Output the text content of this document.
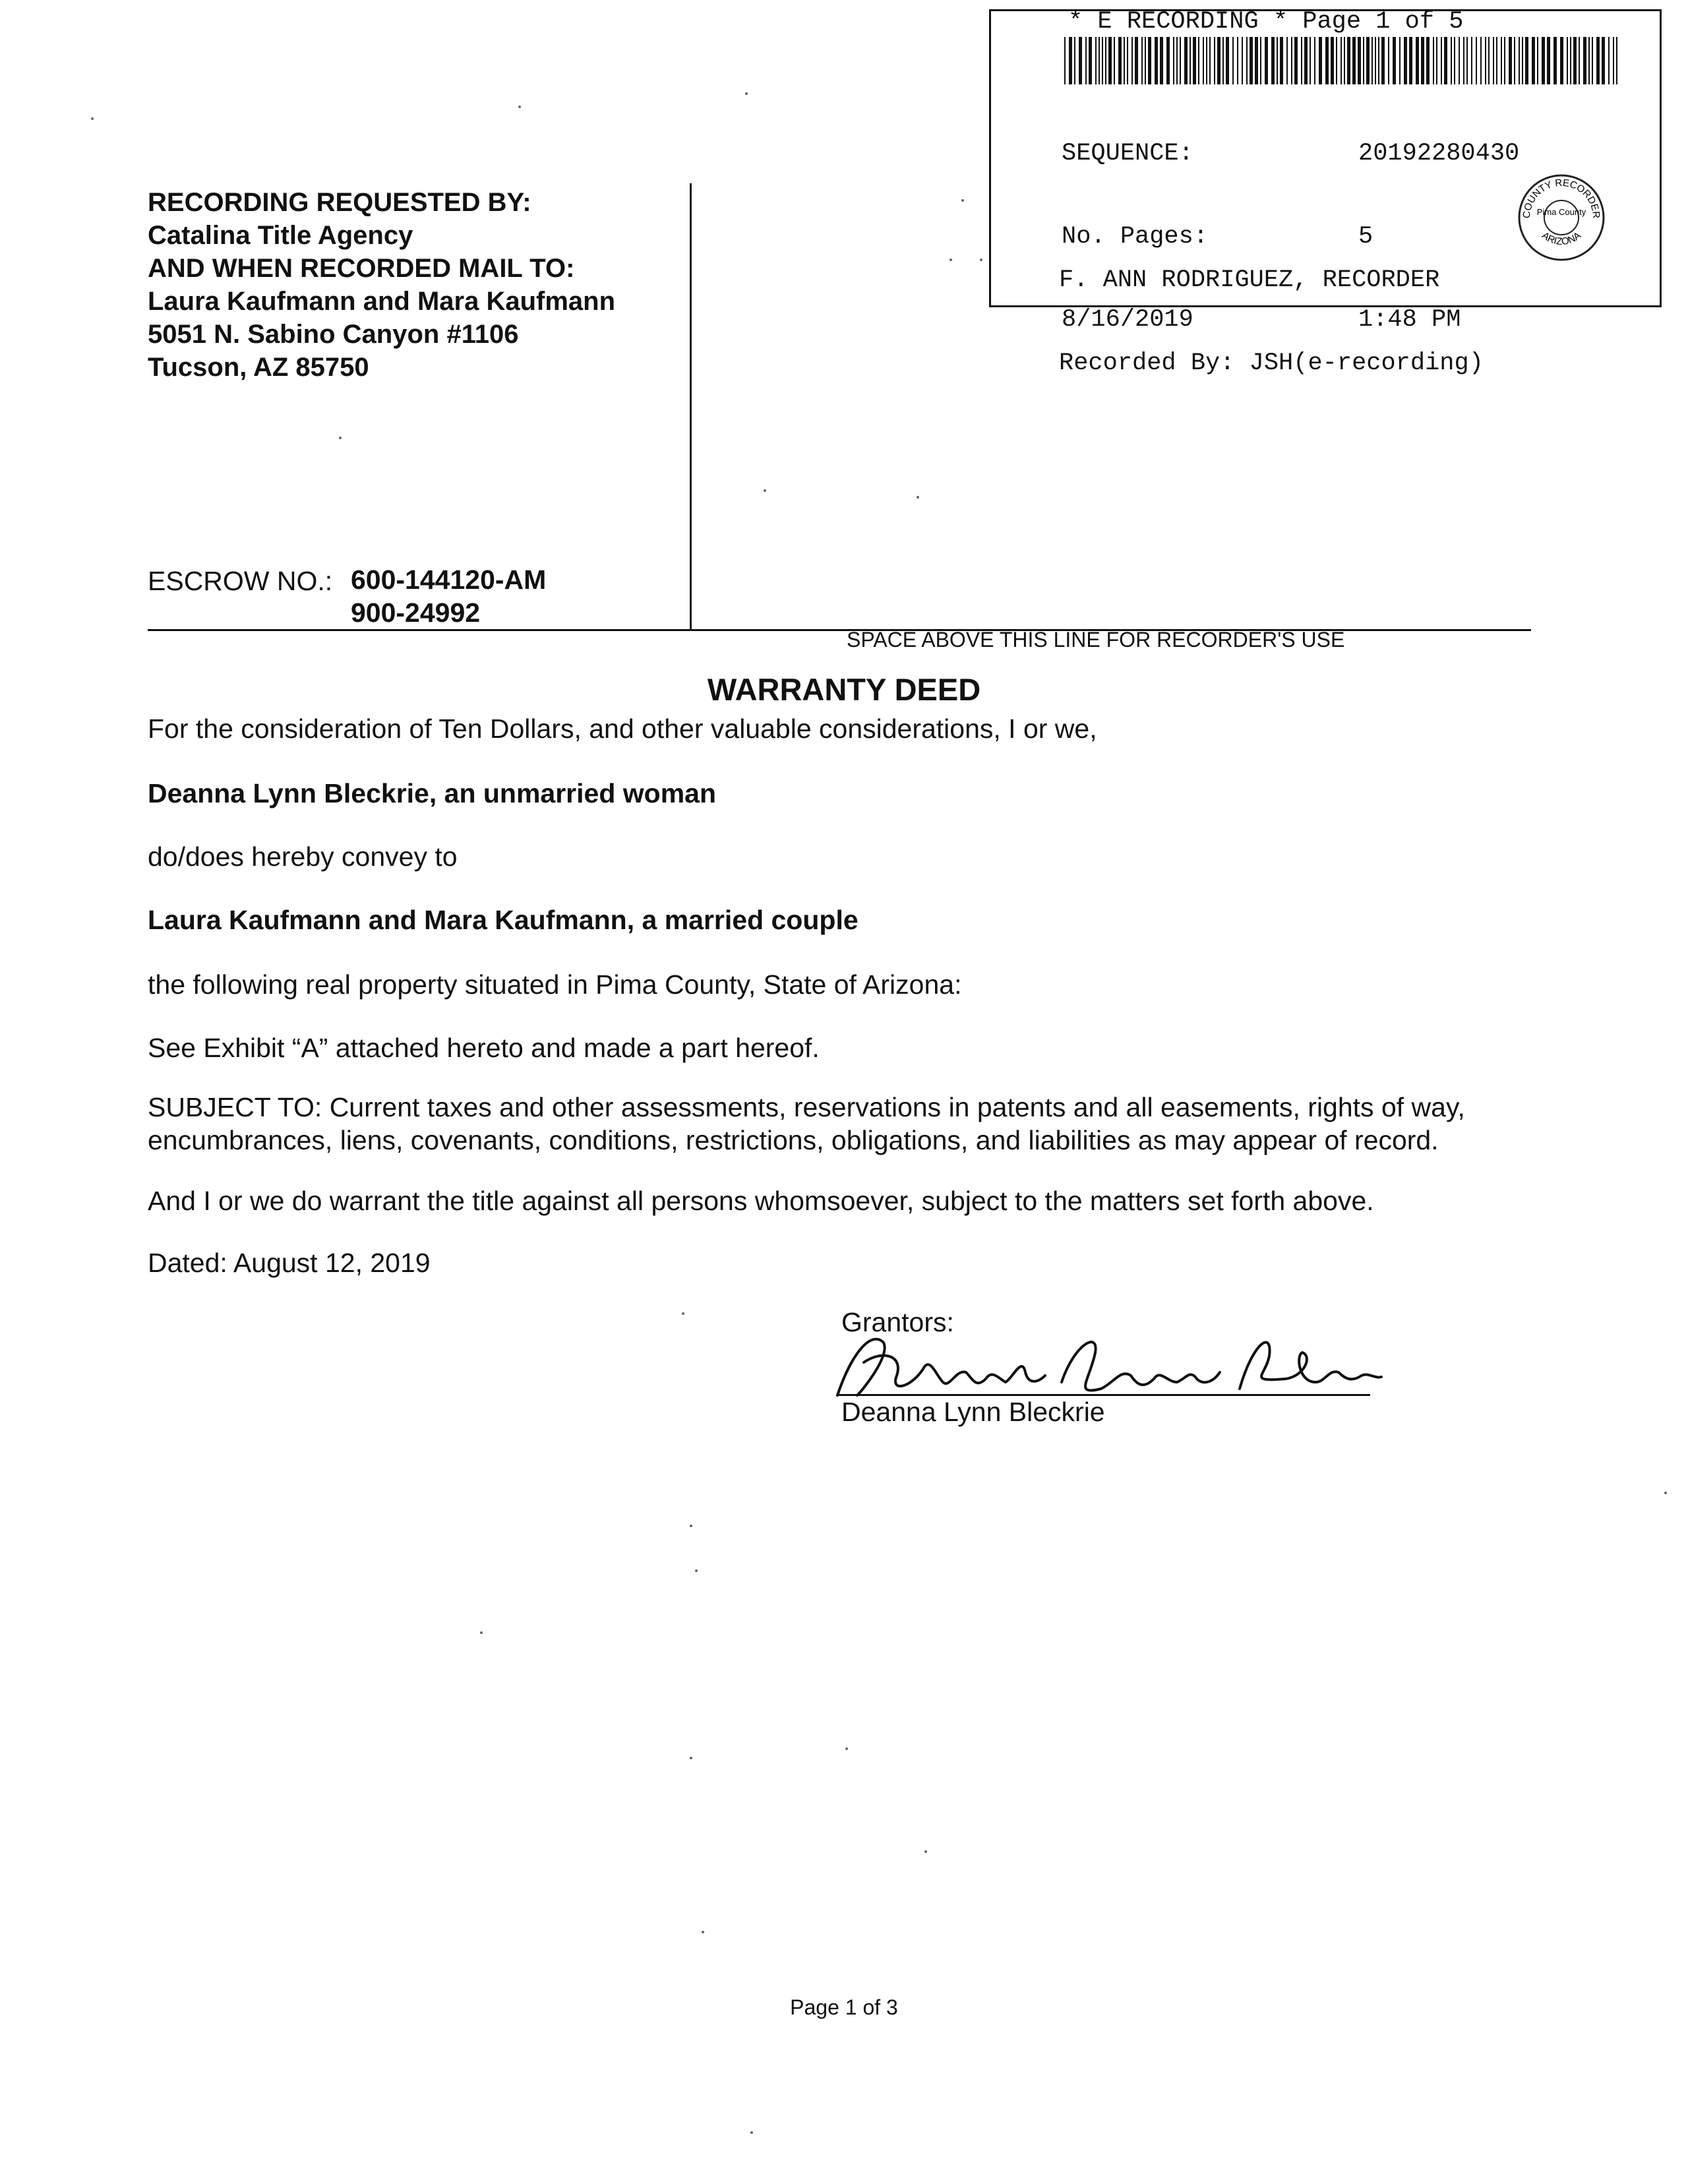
* E RECORDING * Page 1 of 5

SEQUENCE:	20192280430

No. Pages:	5

8/16/2019	1:48 PM

F. ANN RODRIGUEZ, RECORDER

Recorded By: JSH(e-recording)

Pima County
COUNTY RECORDER
ARIZONA
RECORDING REQUESTED BY:
Catalina Title Agency
AND WHEN RECORDED MAIL TO:
Laura Kaufmann and Mara Kaufmann
5051 N. Sabino Canyon #1106
Tucson, AZ 85750
ESCROW NO.: 600-144120-AM
900-24992
SPACE ABOVE THIS LINE FOR RECORDER'S USE
WARRANTY DEED
For the consideration of Ten Dollars, and other valuable considerations, I or we,
Deanna Lynn Bleckrie, an unmarried woman
do/does hereby convey to
Laura Kaufmann and Mara Kaufmann, a married couple
the following real property situated in Pima County, State of Arizona:
See Exhibit “A” attached hereto and made a part hereof.
SUBJECT TO: Current taxes and other assessments, reservations in patents and all easements, rights of way, encumbrances, liens, covenants, conditions, restrictions, obligations, and liabilities as may appear of record.
And I or we do warrant the title against all persons whomsoever, subject to the matters set forth above.
Dated: August 12, 2019
Grantors:
Deanna Lynn Bleckrie
Page 1 of 3
